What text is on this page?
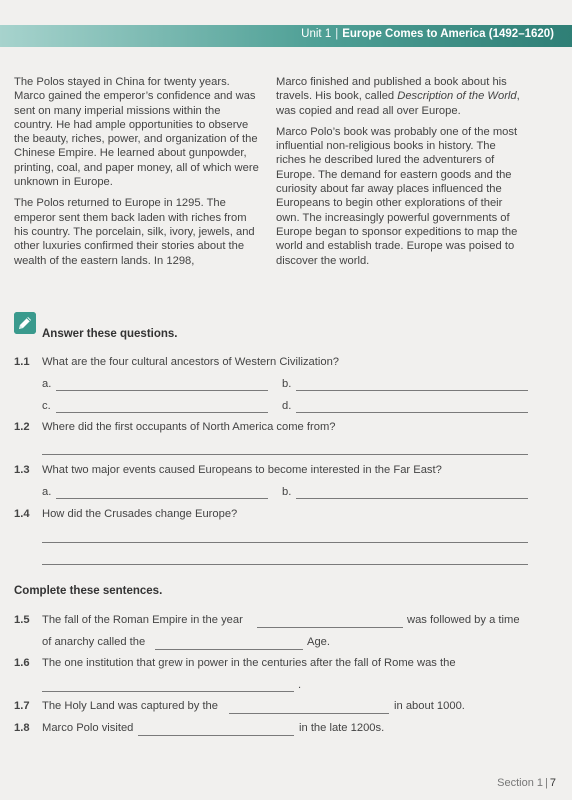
Unit 1 | Europe Comes to America (1492–1620)

The Polos stayed in China for twenty years. Marco gained the emperor’s confidence and was sent on many imperial missions within the country. He had ample opportunities to observe the beauty, riches, power, and organization of the Chinese Empire. He learned about gunpowder, printing, coal, and paper money, all of which were unknown in Europe.

The Polos returned to Europe in 1295. The emperor sent them back laden with riches from his country. The porcelain, silk, ivory, jewels, and other luxuries confirmed their stories about the wealth of the eastern lands. In 1298,

Marco finished and published a book about his travels. His book, called Description of the World, was copied and read all over Europe.

Marco Polo’s book was probably one of the most influential non-religious books in history. The riches he described lured the adventurers of Europe. The demand for eastern goods and the curiosity about far away places influenced the Europeans to begin other explorations of their own. The increasingly powerful governments of Europe began to sponsor expeditions to map the world and establish trade. Europe was poised to discover the world.

Answer these questions.
1.1 What are the four cultural ancestors of Western Civilization?
a.	b.
c.	d.
1.2 Where did the first occupants of North America come from?
1.3 What two major events caused Europeans to become interested in the Far East?
a.	b.
1.4 How did the Crusades change Europe?
Complete these sentences.
1.5 The fall of the Roman Empire in the year	was followed by a time
of anarchy called the	Age.
1.6 The one institution that grew in power in the centuries after the fall of Rome was the
.
1.7 The Holy Land was captured by the	in about 1000.
1.8 Marco Polo visited	in the late 1200s.
Section 1 | 7
